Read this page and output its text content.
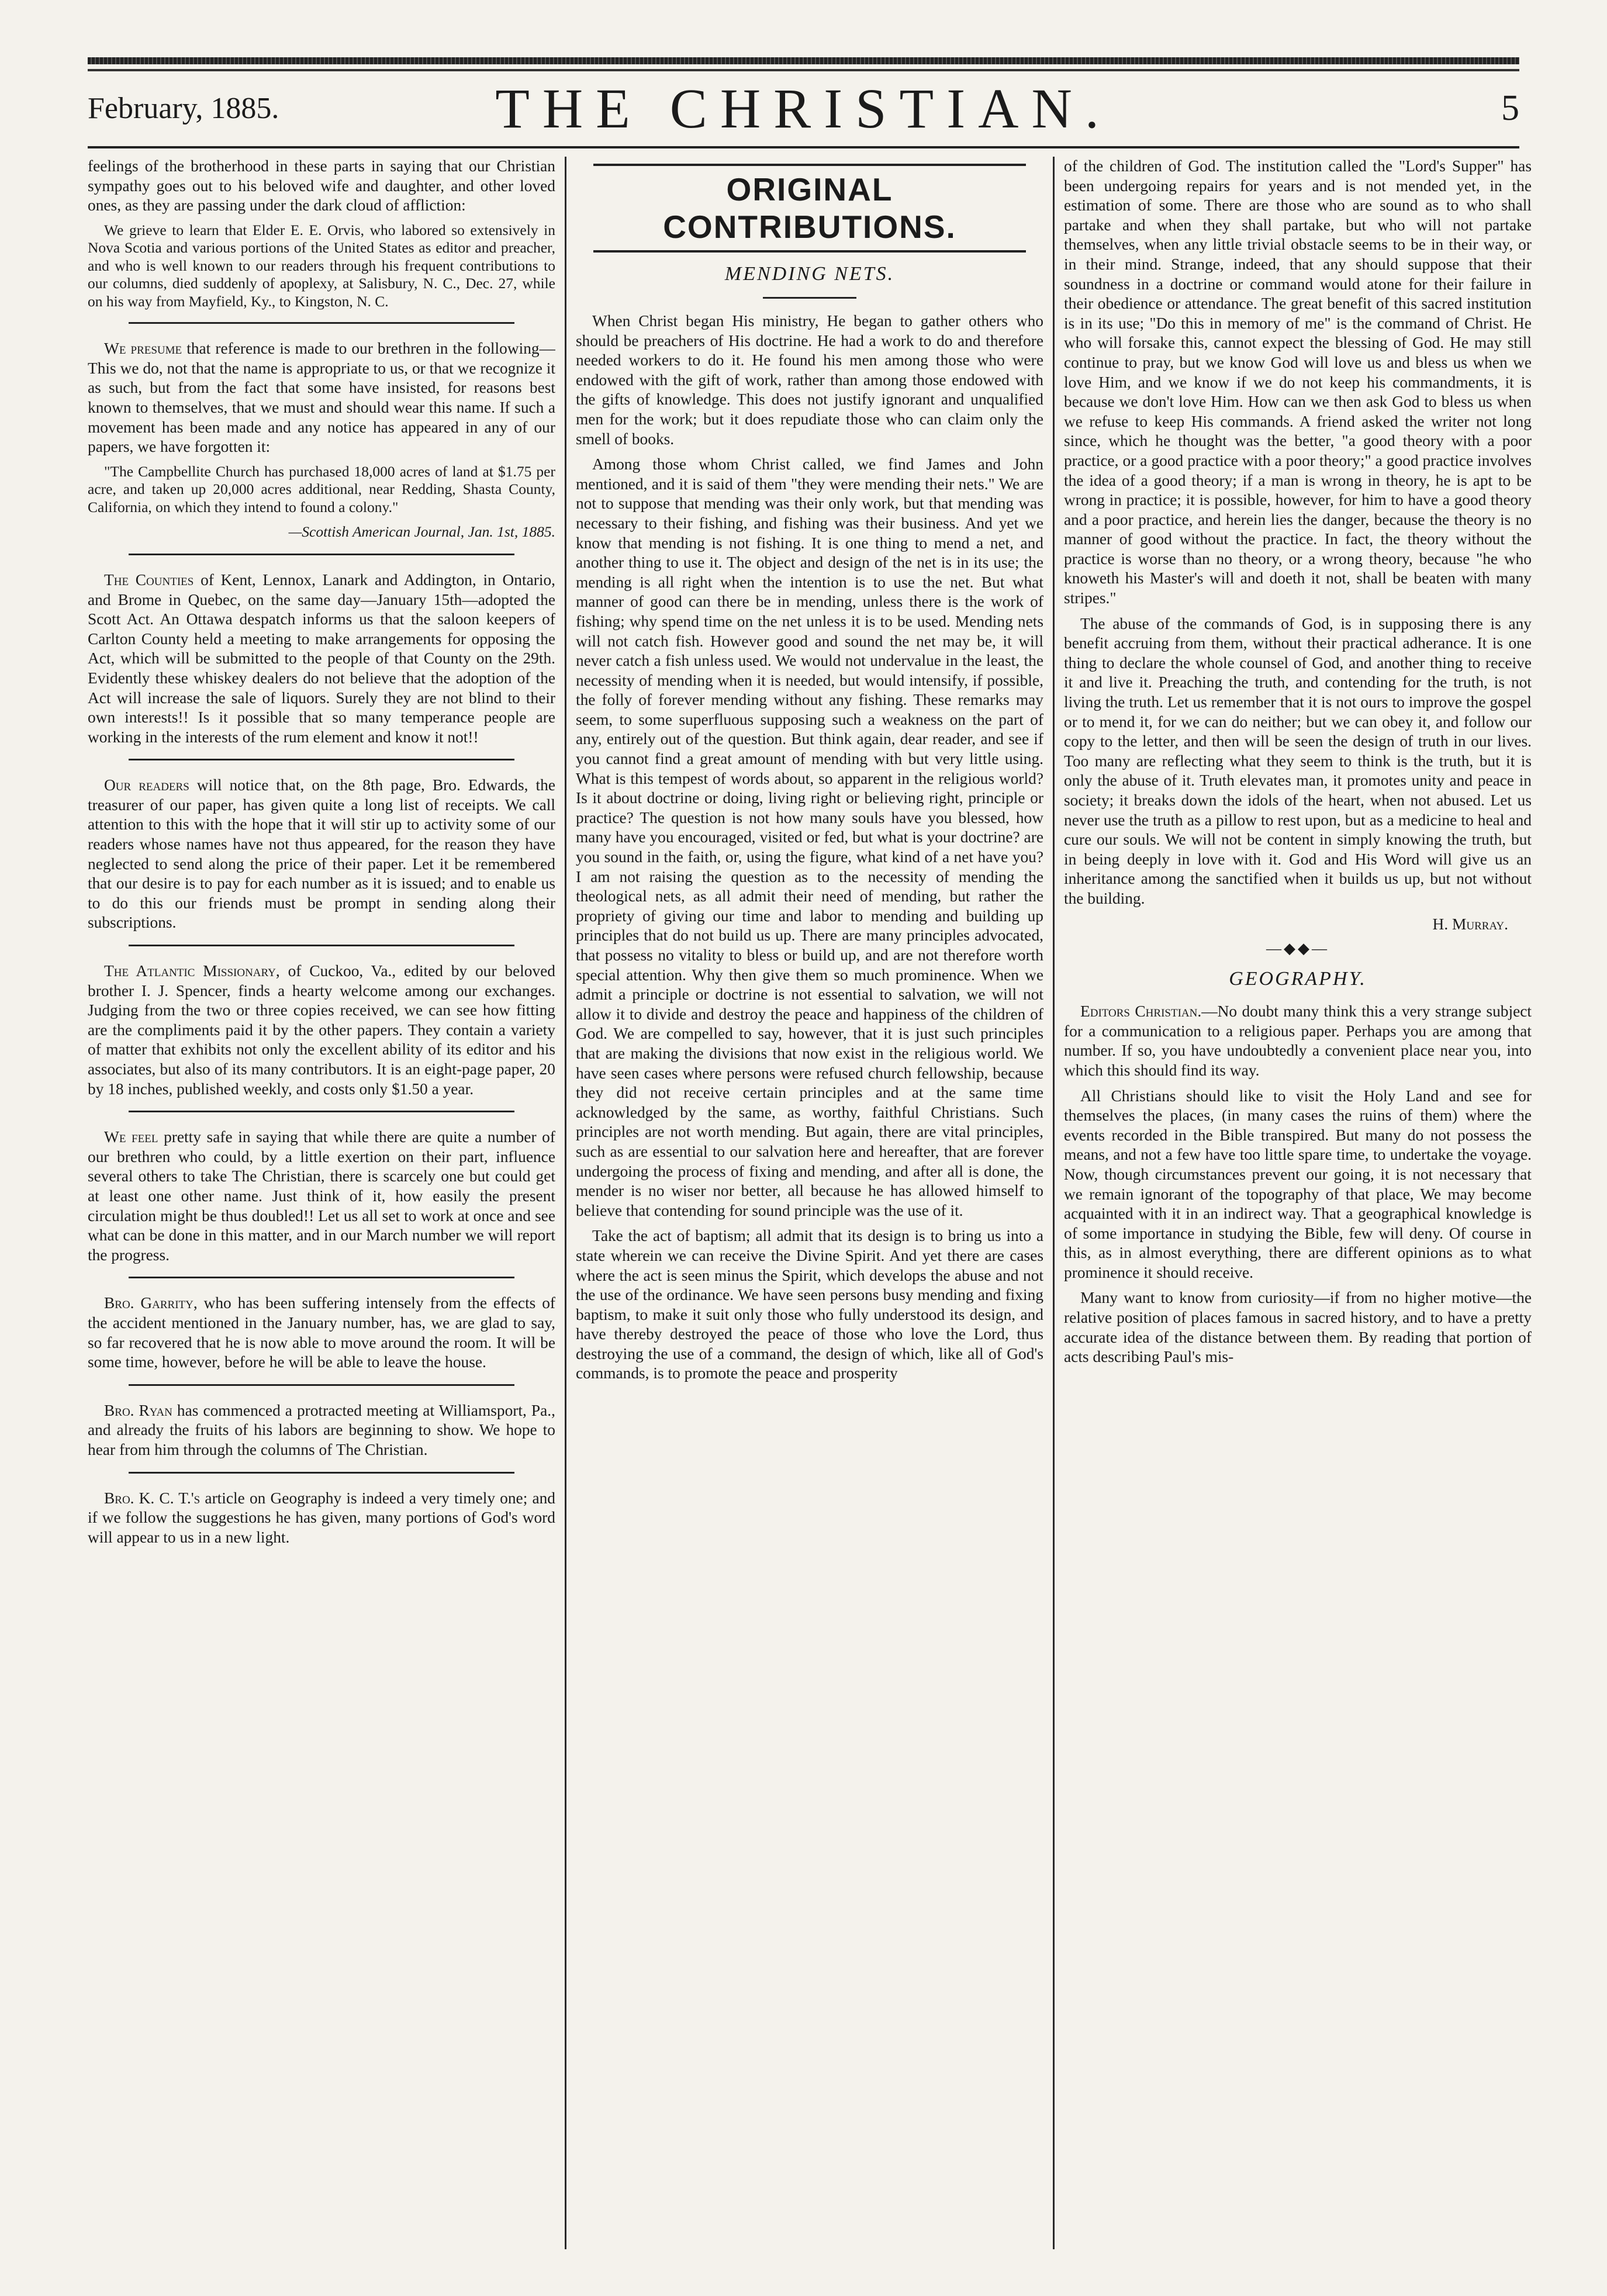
February, 1885.	THE CHRISTIAN.	5

feelings of the brotherhood in these parts in saying that our Christian sympathy goes out to his beloved wife and daughter, and other loved ones, as they are passing under the dark cloud of affliction:

We grieve to learn that Elder E. E. Orvis, who labored so extensively in Nova Scotia and various portions of the United States as editor and preacher, and who is well known to our readers through his frequent contributions to our columns, died suddenly of apoplexy, at Salisbury, N. C., Dec. 27, while on his way from Mayfield, Ky., to Kingston, N. C.

We presume that reference is made to our brethren in the following—This we do, not that the name is appropriate to us, or that we recognize it as such, but from the fact that some have insisted, for reasons best known to themselves, that we must and should wear this name. If such a movement has been made and any notice has appeared in any of our papers, we have forgotten it:

"The Campbellite Church has purchased 18,000 acres of land at $1.75 per acre, and taken up 20,000 acres additional, near Redding, Shasta County, California, on which they intend to found a colony."

—Scottish American Journal, Jan. 1st, 1885.

The Counties of Kent, Lennox, Lanark and Addington, in Ontario, and Brome in Quebec, on the same day—January 15th—adopted the Scott Act. An Ottawa despatch informs us that the saloon keepers of Carlton County held a meeting to make arrangements for opposing the Act, which will be submitted to the people of that County on the 29th. Evidently these whiskey dealers do not believe that the adoption of the Act will increase the sale of liquors. Surely they are not blind to their own interests!! Is it possible that so many temperance people are working in the interests of the rum element and know it not!!

Our readers will notice that, on the 8th page, Bro. Edwards, the treasurer of our paper, has given quite a long list of receipts. We call attention to this with the hope that it will stir up to activity some of our readers whose names have not thus appeared, for the reason they have neglected to send along the price of their paper. Let it be remembered that our desire is to pay for each number as it is issued; and to enable us to do this our friends must be prompt in sending along their subscriptions.

The Atlantic Missionary, of Cuckoo, Va., edited by our beloved brother I. J. Spencer, finds a hearty welcome among our exchanges. Judging from the two or three copies received, we can see how fitting are the compliments paid it by the other papers. They contain a variety of matter that exhibits not only the excellent ability of its editor and his associates, but also of its many contributors. It is an eight-page paper, 20 by 18 inches, published weekly, and costs only $1.50 a year.

We feel pretty safe in saying that while there are quite a number of our brethren who could, by a little exertion on their part, influence several others to take The Christian, there is scarcely one but could get at least one other name. Just think of it, how easily the present circulation might be thus doubled!! Let us all set to work at once and see what can be done in this matter, and in our March number we will report the progress.

Bro. Garrity, who has been suffering intensely from the effects of the accident mentioned in the January number, has, we are glad to say, so far recovered that he is now able to move around the room. It will be some time, however, before he will be able to leave the house.

Bro. Ryan has commenced a protracted meeting at Williamsport, Pa., and already the fruits of his labors are beginning to show. We hope to hear from him through the columns of The Christian.

Bro. K. C. T.'s article on Geography is indeed a very timely one; and if we follow the suggestions he has given, many portions of God's word will appear to us in a new light.

ORIGINAL CONTRIBUTIONS.
MENDING NETS.

When Christ began His ministry, He began to gather others who should be preachers of His doctrine. He had a work to do and therefore needed workers to do it. He found his men among those who were endowed with the gift of work, rather than among those endowed with the gifts of knowledge. This does not justify ignorant and unqualified men for the work; but it does repudiate those who can claim only the smell of books.

Among those whom Christ called, we find James and John mentioned, and it is said of them "they were mending their nets." We are not to suppose that mending was their only work, but that mending was necessary to their fishing, and fishing was their business. And yet we know that mending is not fishing. It is one thing to mend a net, and another thing to use it. The object and design of the net is in its use; the mending is all right when the intention is to use the net. But what manner of good can there be in mending, unless there is the work of fishing; why spend time on the net unless it is to be used. Mending nets will not catch fish. However good and sound the net may be, it will never catch a fish unless used. We would not undervalue in the least, the necessity of mending when it is needed, but would intensify, if possible, the folly of forever mending without any fishing. These remarks may seem, to some superfluous supposing such a weakness on the part of any, entirely out of the question. But think again, dear reader, and see if you cannot find a great amount of mending with but very little using. What is this tempest of words about, so apparent in the religious world? Is it about doctrine or doing, living right or believing right, principle or practice? The question is not how many souls have you blessed, how many have you encouraged, visited or fed, but what is your doctrine? are you sound in the faith, or, using the figure, what kind of a net have you? I am not raising the question as to the necessity of mending the theological nets, as all admit their need of mending, but rather the propriety of giving our time and labor to mending and building up principles that do not build us up. There are many principles advocated, that possess no vitality to bless or build up, and are not therefore worth special attention. Why then give them so much prominence. When we admit a principle or doctrine is not essential to salvation, we will not allow it to divide and destroy the peace and happiness of the children of God. We are compelled to say, however, that it is just such principles that are making the divisions that now exist in the religious world. We have seen cases where persons were refused church fellowship, because they did not receive certain principles and at the same time acknowledged by the same, as worthy, faithful Christians. Such principles are not worth mending. But again, there are vital principles, such as are essential to our salvation here and hereafter, that are forever undergoing the process of fixing and mending, and after all is done, the mender is no wiser nor better, all because he has allowed himself to believe that contending for sound principle was the use of it.

Take the act of baptism; all admit that its design is to bring us into a state wherein we can receive the Divine Spirit. And yet there are cases where the act is seen minus the Spirit, which develops the abuse and not the use of the ordinance. We have seen persons busy mending and fixing baptism, to make it suit only those who fully understood its design, and have thereby destroyed the peace of those who love the Lord, thus destroying the use of a command, the design of which, like all of God's commands, is to promote the peace and prosperity

of the children of God. The institution called the "Lord's Supper" has been undergoing repairs for years and is not mended yet, in the estimation of some. There are those who are sound as to who shall partake and when they shall partake, but who will not partake themselves, when any little trivial obstacle seems to be in their way, or in their mind. Strange, indeed, that any should suppose that their soundness in a doctrine or command would atone for their failure in their obedience or attendance. The great benefit of this sacred institution is in its use; "Do this in memory of me" is the command of Christ. He who will forsake this, cannot expect the blessing of God. He may still continue to pray, but we know God will love us and bless us when we love Him, and we know if we do not keep his commandments, it is because we don't love Him. How can we then ask God to bless us when we refuse to keep His commands. A friend asked the writer not long since, which he thought was the better, "a good theory with a poor practice, or a good practice with a poor theory;" a good practice involves the idea of a good theory; if a man is wrong in theory, he is apt to be wrong in practice; it is possible, however, for him to have a good theory and a poor practice, and herein lies the danger, because the theory is no manner of good without the practice. In fact, the theory without the practice is worse than no theory, or a wrong theory, because "he who knoweth his Master's will and doeth it not, shall be beaten with many stripes."

The abuse of the commands of God, is in supposing there is any benefit accruing from them, without their practical adherance. It is one thing to declare the whole counsel of God, and another thing to receive it and live it. Preaching the truth, and contending for the truth, is not living the truth. Let us remember that it is not ours to improve the gospel or to mend it, for we can do neither; but we can obey it, and follow our copy to the letter, and then will be seen the design of truth in our lives. Too many are reflecting what they seem to think is the truth, but it is only the abuse of it. Truth elevates man, it promotes unity and peace in society; it breaks down the idols of the heart, when not abused. Let us never use the truth as a pillow to rest upon, but as a medicine to heal and cure our souls. We will not be content in simply knowing the truth, but in being deeply in love with it. God and His Word will give us an inheritance among the sanctified when it builds us up, but not without the building.

H. Murray.

—◆◆—
GEOGRAPHY.

Editors Christian.—No doubt many think this a very strange subject for a communication to a religious paper. Perhaps you are among that number. If so, you have undoubtedly a convenient place near you, into which this should find its way.

All Christians should like to visit the Holy Land and see for themselves the places, (in many cases the ruins of them) where the events recorded in the Bible transpired. But many do not possess the means, and not a few have too little spare time, to undertake the voyage. Now, though circumstances prevent our going, it is not necessary that we remain ignorant of the topography of that place, We may become acquainted with it in an indirect way. That a geographical knowledge is of some importance in studying the Bible, few will deny. Of course in this, as in almost everything, there are different opinions as to what prominence it should receive.

Many want to know from curiosity—if from no higher motive—the relative position of places famous in sacred history, and to have a pretty accurate idea of the distance between them. By reading that portion of acts describing Paul's mis-
